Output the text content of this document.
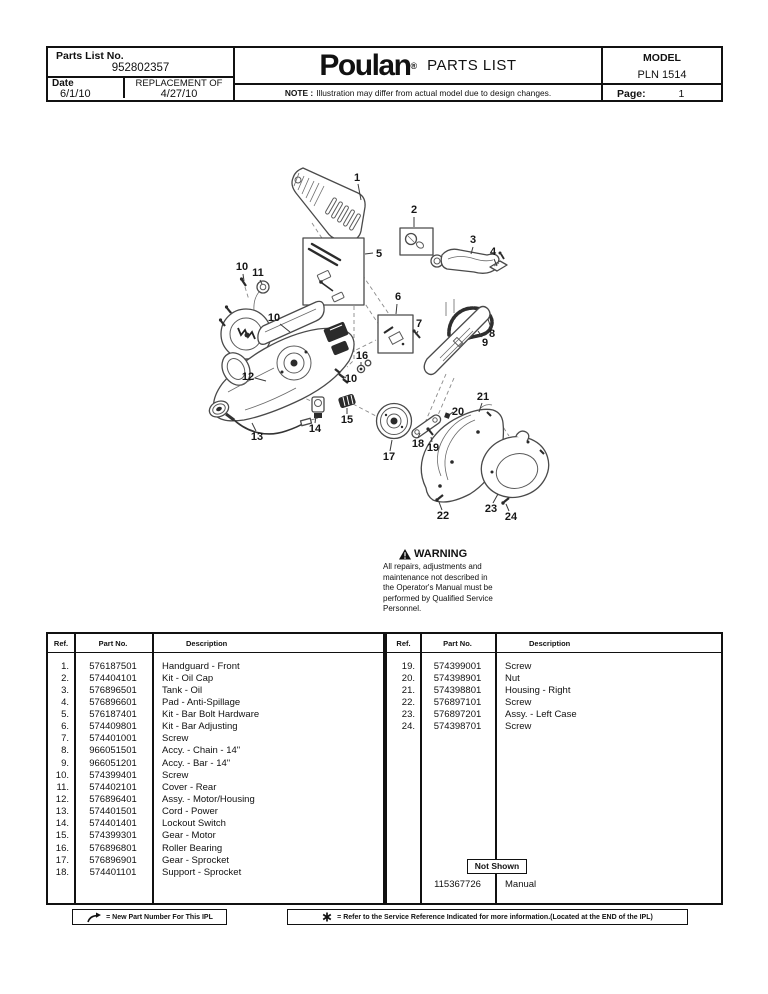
Parts List No.
952802357
Date
6/1/10
REPLACEMENT OF
4/27/10
Poulan ® PARTS LIST
NOTE : Illustration may differ from actual model due to design changes.
MODEL
PLN 1514
Page:	1
1
2
3
4
5
10 11
6
7
8
9
10
12
16
10
15
14
13
17
18 19
20
21
22
23
24
WARNING
All repairs, adjustments and
maintenance not described in
the Operator's Manual must be
performed by Qualified Service
Personnel.
Ref.	Part No.	Description
1.	576187501	Handguard - Front
2.	574404101	Kit - Oil Cap
3.	576896501	Tank - Oil
4.	576896601	Pad - Anti-Spillage
5.	576187401	Kit - Bar Bolt Hardware
6.	574409801	Kit - Bar Adjusting
7.	574401001	Screw
8.	966051501	Accy. - Chain - 14"
9.	966051201	Accy. - Bar - 14"
10.	574399401	Screw
11.	574402101	Cover - Rear
12.	576896401	Assy. - Motor/Housing
13.	574401501	Cord - Power
14.	574401401	Lockout Switch
15.	574399301	Gear - Motor
16.	576896801	Roller Bearing
17.	576896901	Gear - Sprocket
18.	574401101	Support - Sprocket
Ref.	Part No.	Description
19.	574399001	Screw
20.	574398901	Nut
21.	574398801	Housing - Right
22.	576897101	Screw
23.	576897201	Assy. - Left Case
24.	574398701	Screw
Not Shown
115367726	Manual
= New Part Number For This IPL	= Refer to the Service Reference Indicated for more information.(Located at the END of the IPL)
